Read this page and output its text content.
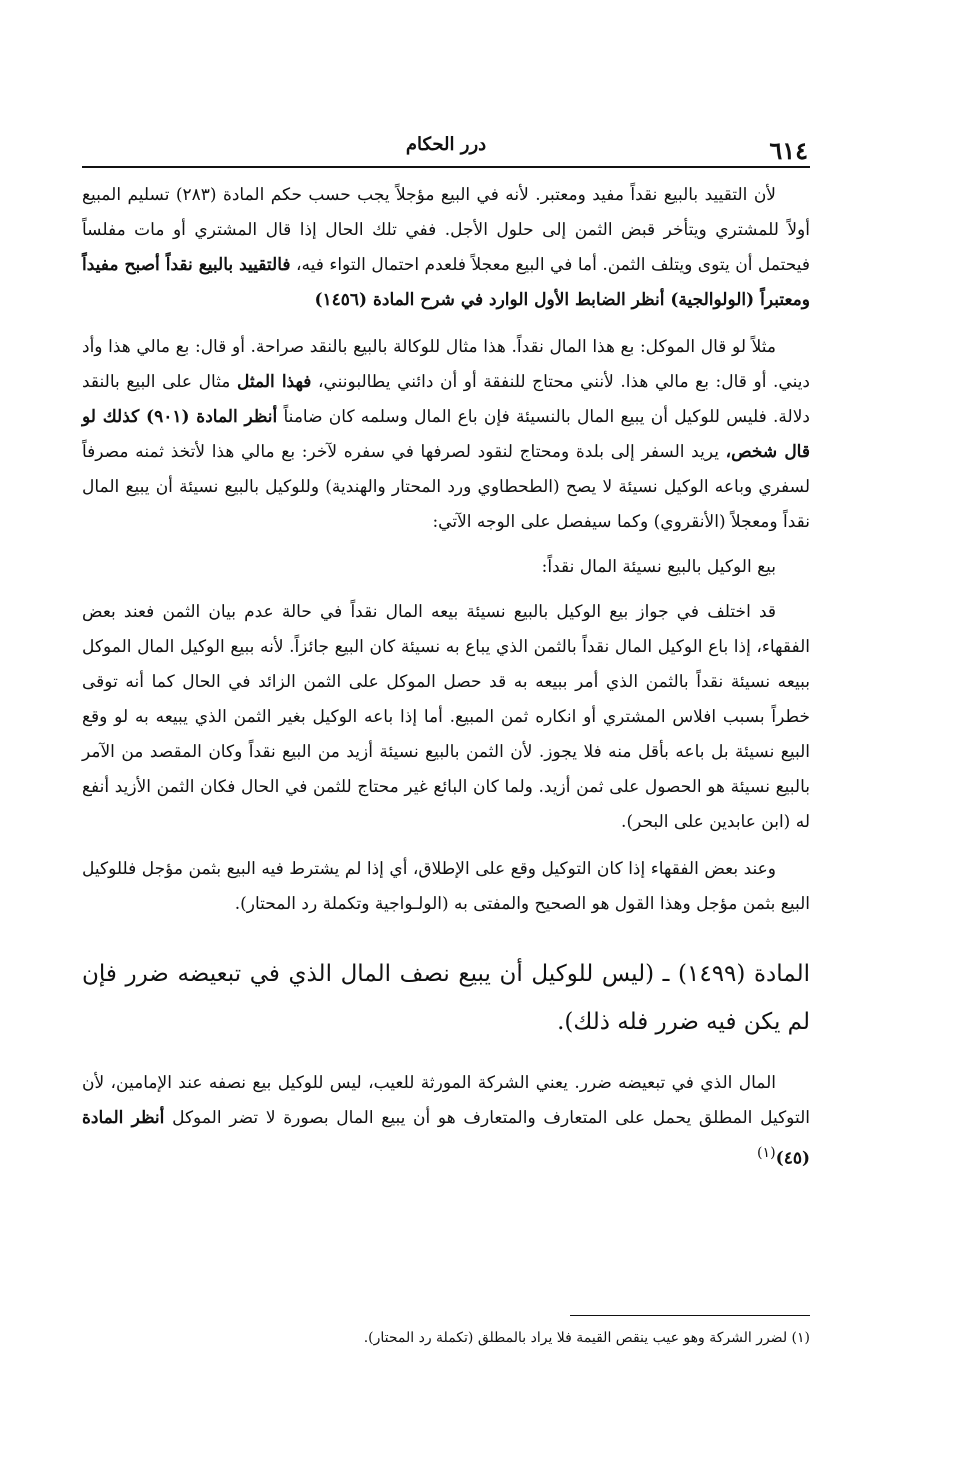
٦١٤
درر الحكام

لأن التقييد بالبيع نقداً مفيد ومعتبر. لأنه في البيع مؤجلاً يجب حسب حكم المادة (٢٨٣) تسليم المبيع أولاً للمشتري ويتأخر قبض الثمن إلى حلول الأجل. ففي تلك الحال إذا قال المشتري أو مات مفلساً فيحتمل أن يتوى ويتلف الثمن. أما في البيع معجلاً فلعدم احتمال التواء فيه، فالتقييد بالبيع نقداً أصبح مفيداً ومعتبراً (الولوالجية) أنظر الضابط الأول الوارد في شرح المادة (١٤٥٦)

مثلاً لو قال الموكل: بع هذا المال نقداً. هذا مثال للوكالة بالبيع بالنقد صراحة. أو قال: بع مالي هذا وأد ديني. أو قال: بع مالي هذا. لأنني محتاج للنفقة أو أن دائني يطالبونني، فهذا المثل مثال على البيع بالنقد دلالة. فليس للوكيل أن يبيع المال بالنسيئة فإن باع المال وسلمه كان ضامناً أنظر المادة (٩٠١) كذلك لو قال شخص، يريد السفر إلى بلدة ومحتاج لنقود لصرفها في سفره لآخر: بع مالي هذا لأتخذ ثمنه مصرفاً لسفري وباعه الوكيل نسيئة لا يصح (الطحطاوي ورد المحتار والهندية) وللوكيل بالبيع نسيئة أن يبيع المال نقداً ومعجلاً (الأنقروي) وكما سيفصل على الوجه الآتي:

بيع الوكيل بالبيع نسيئة المال نقداً:

قد اختلف في جواز بيع الوكيل بالبيع نسيئة بيعه المال نقداً في حالة عدم بيان الثمن فعند بعض الفقهاء، إذا باع الوكيل المال نقداً بالثمن الذي يباع به نسيئة كان البيع جائزاً. لأنه ببيع الوكيل المال الموكل ببيعه نسيئة نقداً بالثمن الذي أمر ببيعه به قد حصل الموكل على الثمن الزائد في الحال كما أنه توقى خطراً بسبب افلاس المشتري أو انكاره ثمن المبيع. أما إذا باعه الوكيل بغير الثمن الذي يبيعه به لو وقع البيع نسيئة بل باعه بأقل منه فلا يجوز. لأن الثمن بالبيع نسيئة أزيد من البيع نقداً وكان المقصد من الآمر بالبيع نسيئة هو الحصول على ثمن أزيد. ولما كان البائع غير محتاج للثمن في الحال فكان الثمن الأزيد أنفع له (ابن عابدين على البحر).

وعند بعض الفقهاء إذا كان التوكيل وقع على الإطلاق، أي إذا لم يشترط فيه البيع بثمن مؤجل فللوكيل البيع بثمن مؤجل وهذا القول هو الصحيح والمفتى به (الولـواجية وتكملة رد المحتار).

المادة (١٤٩٩) ـ (ليس للوكيل أن يبيع نصف المال الذي في تبعيضه ضرر فإن لم يكن فيه ضرر فله ذلك).

المال الذي في تبعيضه ضرر. يعني الشركة المورثة للعيب، ليس للوكيل بيع نصفه عند الإمامين، لأن التوكيل المطلق يحمل على المتعارف والمتعارف هو أن يبيع المال بصورة لا تضر الموكل أنظر المادة (٤٥)$^{(١)}$

(١) لضرر الشركة وهو عيب ينقص القيمة فلا يراد بالمطلق (تكملة رد المحتار).
